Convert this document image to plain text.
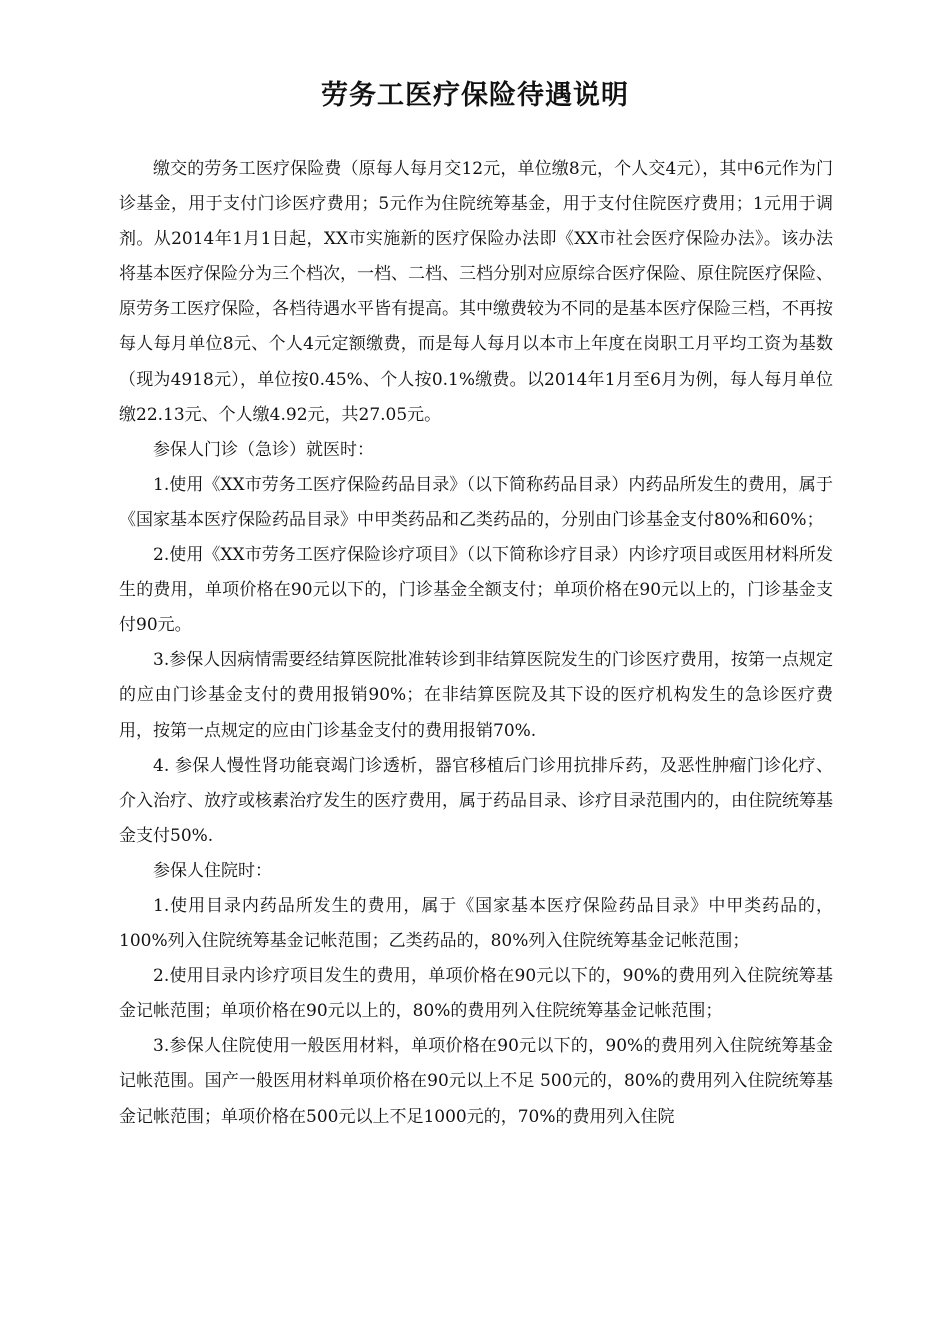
劳务工医疗保险待遇说明

缴交的劳务工医疗保险费（原每人每月交12元，单位缴8元，个人交4元），其中6元作为门诊基金，用于支付门诊医疗费用；5元作为住院统筹基金，用于支付住院医疗费用；1元用于调剂。从2014年1月1日起，XX市实施新的医疗保险办法即《XX市社会医疗保险办法》。该办法将基本医疗保险分为三个档次，一档、二档、三档分别对应原综合医疗保险、原住院医疗保险、原劳务工医疗保险，各档待遇水平皆有提高。其中缴费较为不同的是基本医疗保险三档，不再按每人每月单位8元、个人4元定额缴费，而是每人每月以本市上年度在岗职工月平均工资为基数（现为4918元），单位按0.45%、个人按0.1%缴费。以2014年1月至6月为例，每人每月单位缴22.13元、个人缴4.92元，共27.05元。

参保人门诊（急诊）就医时：

1.使用《XX市劳务工医疗保险药品目录》（以下简称药品目录）内药品所发生的费用，属于《国家基本医疗保险药品目录》中甲类药品和乙类药品的，分别由门诊基金支付80%和60%；

2.使用《XX市劳务工医疗保险诊疗项目》（以下简称诊疗目录）内诊疗项目或医用材料所发生的费用，单项价格在90元以下的，门诊基金全额支付；单项价格在90元以上的，门诊基金支付90元。

3.参保人因病情需要经结算医院批准转诊到非结算医院发生的门诊医疗费用，按第一点规定的应由门诊基金支付的费用报销90%；在非结算医院及其下设的医疗机构发生的急诊医疗费用，按第一点规定的应由门诊基金支付的费用报销70%.

4. 参保人慢性肾功能衰竭门诊透析，器官移植后门诊用抗排斥药，及恶性肿瘤门诊化疗、介入治疗、放疗或核素治疗发生的医疗费用，属于药品目录、诊疗目录范围内的，由住院统筹基金支付50%.

参保人住院时：

1.使用目录内药品所发生的费用，属于《国家基本医疗保险药品目录》中甲类药品的，100%列入住院统筹基金记帐范围；乙类药品的，80%列入住院统筹基金记帐范围；

2.使用目录内诊疗项目发生的费用，单项价格在90元以下的，90%的费用列入住院统筹基金记帐范围；单项价格在90元以上的，80%的费用列入住院统筹基金记帐范围；

3.参保人住院使用一般医用材料，单项价格在90元以下的，90%的费用列入住院统筹基金记帐范围。国产一般医用材料单项价格在90元以上不足 500元的，80%的费用列入住院统筹基金记帐范围；单项价格在500元以上不足1000元的，70%的费用列入住院
